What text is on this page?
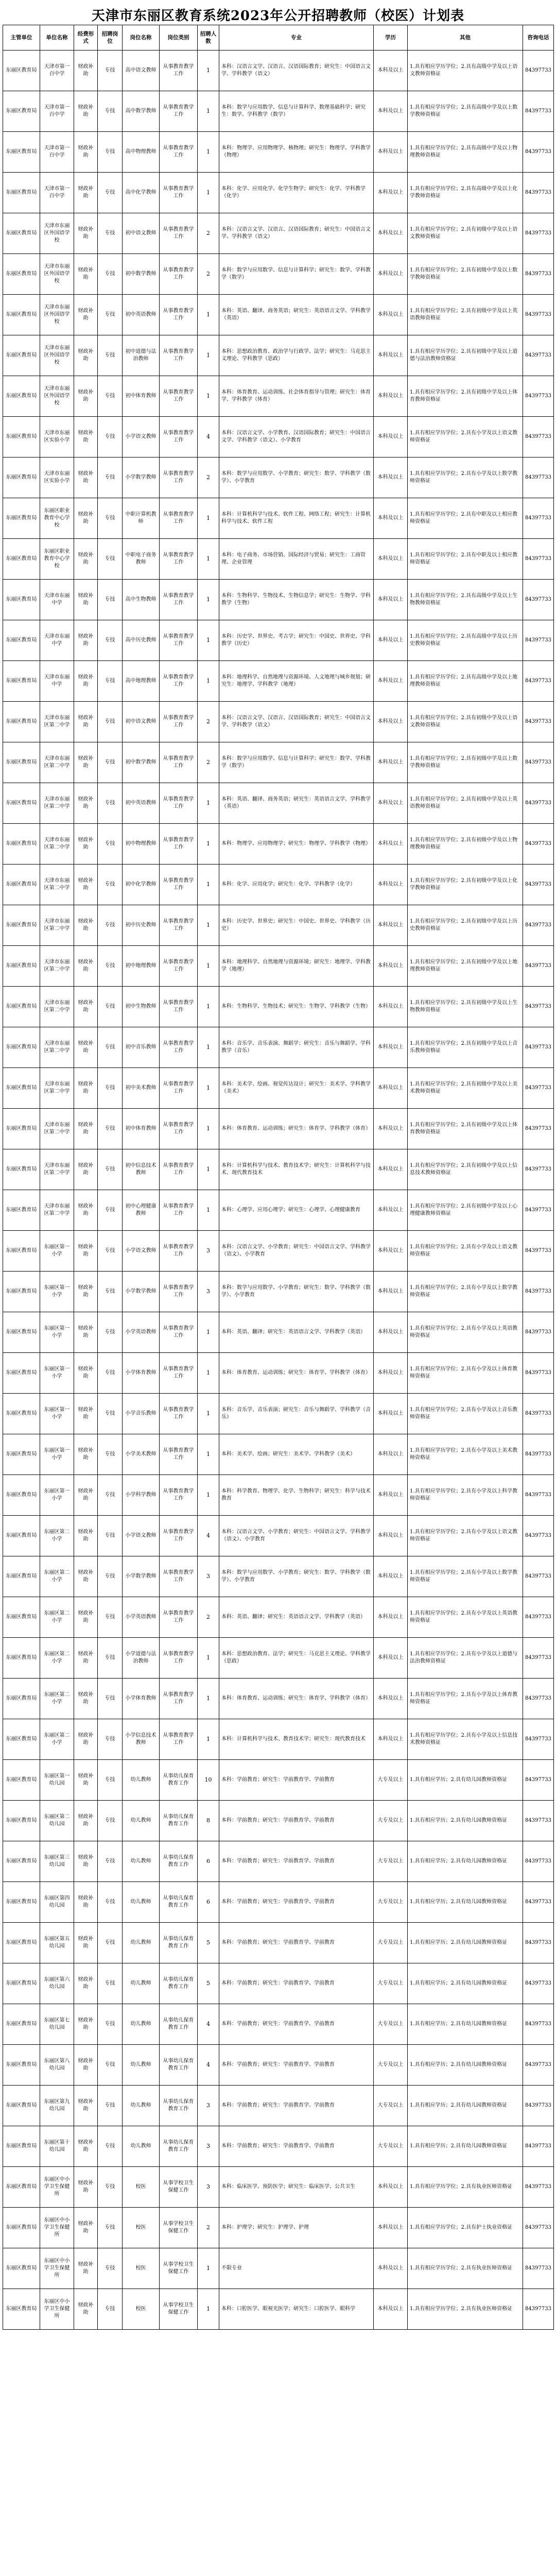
天津市东丽区教育系统2023年公开招聘教师（校医）计划表
主管单位	单位名称	经费形式	招聘岗位	岗位名称	岗位类别	招聘人数	专业	学历	其他	咨询电话
东丽区教育局	天津市第一百中学	财政补助	专技	高中语文教师	从事教育教学工作	1	本科：汉语言文学、汉语言、汉语国际教育；研究生：中国语言文学、学科教学（语文）	本科及以上	1.具有相应学历学位；2.具有高级中学及以上语文教师资格证	84397733
东丽区教育局	天津市第一百中学	财政补助	专技	高中数学教师	从事教育教学工作	1	本科：数学与应用数学、信息与计算科学、数理基础科学；研究生：数学、学科教学（数学）	本科及以上	1.具有相应学历学位；2.具有高级中学及以上数学教师资格证	84397733
东丽区教育局	天津市第一百中学	财政补助	专技	高中物理教师	从事教育教学工作	1	本科：物理学、应用物理学、核物理；研究生：物理学、学科教学（物理）	本科及以上	1.具有相应学历学位；2.具有高级中学及以上物理教师资格证	84397733
东丽区教育局	天津市第一百中学	财政补助	专技	高中化学教师	从事教育教学工作	1	本科：化学、应用化学、化学生物学；研究生：化学、学科教学（化学）	本科及以上	1.具有相应学历学位；2.具有高级中学及以上化学教师资格证	84397733
东丽区教育局	天津市东丽区外国语学校	财政补助	专技	初中语文教师	从事教育教学工作	2	本科：汉语言文学、汉语言、汉语国际教育；研究生：中国语言文学、学科教学（语文）	本科及以上	1.具有相应学历学位；2.具有初级中学及以上语文教师资格证	84397733
东丽区教育局	天津市东丽区外国语学校	财政补助	专技	初中数学教师	从事教育教学工作	2	本科：数学与应用数学、信息与计算科学；研究生：数学、学科教学（数学）	本科及以上	1.具有相应学历学位；2.具有初级中学及以上数学教师资格证	84397733
东丽区教育局	天津市东丽区外国语学校	财政补助	专技	初中英语教师	从事教育教学工作	1	本科：英语、翻译、商务英语；研究生：英语语言文学、学科教学（英语）	本科及以上	1.具有相应学历学位；2.具有初级中学及以上英语教师资格证	84397733
东丽区教育局	天津市东丽区外国语学校	财政补助	专技	初中道德与法治教师	从事教育教学工作	1	本科：思想政治教育、政治学与行政学、法学；研究生：马克思主义理论、学科教学（思政）	本科及以上	1.具有相应学历学位；2.具有初级中学及以上道德与法治教师资格证	84397733
东丽区教育局	天津市东丽区外国语学校	财政补助	专技	初中体育教师	从事教育教学工作	1	本科：体育教育、运动训练、社会体育指导与管理；研究生：体育学、学科教学（体育）	本科及以上	1.具有相应学历学位；2.具有初级中学及以上体育教师资格证	84397733
东丽区教育局	天津市东丽区实验小学	财政补助	专技	小学语文教师	从事教育教学工作	4	本科：汉语言文学、小学教育、汉语国际教育；研究生：中国语言文学、学科教学（语文）、小学教育	本科及以上	1.具有相应学历学位；2.具有小学及以上语文教师资格证	84397733
东丽区教育局	天津市东丽区实验小学	财政补助	专技	小学数学教师	从事教育教学工作	2	本科：数学与应用数学、小学教育；研究生：数学、学科教学（数学）、小学教育	本科及以上	1.具有相应学历学位；2.具有小学及以上数学教师资格证	84397733
东丽区教育局	东丽区职业教育中心学校	财政补助	专技	中职计算机教师	从事教育教学工作	1	本科：计算机科学与技术、软件工程、网络工程；研究生：计算机科学与技术、软件工程	本科及以上	1.具有相应学历学位；2.具有中职及以上相应教师资格证	84397733
东丽区教育局	东丽区职业教育中心学校	财政补助	专技	中职电子商务教师	从事教育教学工作	1	本科：电子商务、市场营销、国际经济与贸易；研究生：工商管理、企业管理	本科及以上	1.具有相应学历学位；2.具有中职及以上相应教师资格证	84397733
东丽区教育局	天津市东丽中学	财政补助	专技	高中生物教师	从事教育教学工作	1	本科：生物科学、生物技术、生物信息学；研究生：生物学、学科教学（生物）	本科及以上	1.具有相应学历学位；2.具有高级中学及以上生物教师资格证	84397733
东丽区教育局	天津市东丽中学	财政补助	专技	高中历史教师	从事教育教学工作	1	本科：历史学、世界史、考古学；研究生：中国史、世界史、学科教学（历史）	本科及以上	1.具有相应学历学位；2.具有高级中学及以上历史教师资格证	84397733
东丽区教育局	天津市东丽中学	财政补助	专技	高中地理教师	从事教育教学工作	1	本科：地理科学、自然地理与资源环境、人文地理与城乡规划；研究生：地理学、学科教学（地理）	本科及以上	1.具有相应学历学位；2.具有高级中学及以上地理教师资格证	84397733
东丽区教育局	天津市东丽区第二中学	财政补助	专技	初中语文教师	从事教育教学工作	2	本科：汉语言文学、汉语言、汉语国际教育；研究生：中国语言文学、学科教学（语文）	本科及以上	1.具有相应学历学位；2.具有初级中学及以上语文教师资格证	84397733
东丽区教育局	天津市东丽区第二中学	财政补助	专技	初中数学教师	从事教育教学工作	2	本科：数学与应用数学、信息与计算科学；研究生：数学、学科教学（数学）	本科及以上	1.具有相应学历学位；2.具有初级中学及以上数学教师资格证	84397733
东丽区教育局	天津市东丽区第二中学	财政补助	专技	初中英语教师	从事教育教学工作	1	本科：英语、翻译、商务英语；研究生：英语语言文学、学科教学（英语）	本科及以上	1.具有相应学历学位；2.具有初级中学及以上英语教师资格证	84397733
东丽区教育局	天津市东丽区第二中学	财政补助	专技	初中物理教师	从事教育教学工作	1	本科：物理学、应用物理学；研究生：物理学、学科教学（物理）	本科及以上	1.具有相应学历学位；2.具有初级中学及以上物理教师资格证	84397733
东丽区教育局	天津市东丽区第二中学	财政补助	专技	初中化学教师	从事教育教学工作	1	本科：化学、应用化学；研究生：化学、学科教学（化学）	本科及以上	1.具有相应学历学位；2.具有初级中学及以上化学教师资格证	84397733
东丽区教育局	天津市东丽区第二中学	财政补助	专技	初中历史教师	从事教育教学工作	1	本科：历史学、世界史；研究生：中国史、世界史、学科教学（历史）	本科及以上	1.具有相应学历学位；2.具有初级中学及以上历史教师资格证	84397733
东丽区教育局	天津市东丽区第二中学	财政补助	专技	初中地理教师	从事教育教学工作	1	本科：地理科学、自然地理与资源环境；研究生：地理学、学科教学（地理）	本科及以上	1.具有相应学历学位；2.具有初级中学及以上地理教师资格证	84397733
东丽区教育局	天津市东丽区第二中学	财政补助	专技	初中生物教师	从事教育教学工作	1	本科：生物科学、生物技术；研究生：生物学、学科教学（生物）	本科及以上	1.具有相应学历学位；2.具有初级中学及以上生物教师资格证	84397733
东丽区教育局	天津市东丽区第二中学	财政补助	专技	初中音乐教师	从事教育教学工作	1	本科：音乐学、音乐表演、舞蹈学；研究生：音乐与舞蹈学、学科教学（音乐）	本科及以上	1.具有相应学历学位；2.具有初级中学及以上音乐教师资格证	84397733
东丽区教育局	天津市东丽区第二中学	财政补助	专技	初中美术教师	从事教育教学工作	1	本科：美术学、绘画、视觉传达设计；研究生：美术学、学科教学（美术）	本科及以上	1.具有相应学历学位；2.具有初级中学及以上美术教师资格证	84397733
东丽区教育局	天津市东丽区第二中学	财政补助	专技	初中体育教师	从事教育教学工作	1	本科：体育教育、运动训练；研究生：体育学、学科教学（体育）	本科及以上	1.具有相应学历学位；2.具有初级中学及以上体育教师资格证	84397733
东丽区教育局	天津市东丽区第二中学	财政补助	专技	初中信息技术教师	从事教育教学工作	1	本科：计算机科学与技术、教育技术学；研究生：计算机科学与技术、现代教育技术	本科及以上	1.具有相应学历学位；2.具有初级中学及以上信息技术教师资格证	84397733
东丽区教育局	天津市东丽区第二中学	财政补助	专技	初中心理健康教师	从事教育教学工作	1	本科：心理学、应用心理学；研究生：心理学、心理健康教育	本科及以上	1.具有相应学历学位；2.具有初级中学及以上心理健康教师资格证	84397733
东丽区教育局	东丽区第一小学	财政补助	专技	小学语文教师	从事教育教学工作	3	本科：汉语言文学、小学教育；研究生：中国语言文学、学科教学（语文）、小学教育	本科及以上	1.具有相应学历学位；2.具有小学及以上语文教师资格证	84397733
东丽区教育局	东丽区第一小学	财政补助	专技	小学数学教师	从事教育教学工作	3	本科：数学与应用数学、小学教育；研究生：数学、学科教学（数学）、小学教育	本科及以上	1.具有相应学历学位；2.具有小学及以上数学教师资格证	84397733
东丽区教育局	东丽区第一小学	财政补助	专技	小学英语教师	从事教育教学工作	1	本科：英语、翻译；研究生：英语语言文学、学科教学（英语）	本科及以上	1.具有相应学历学位；2.具有小学及以上英语教师资格证	84397733
东丽区教育局	东丽区第一小学	财政补助	专技	小学体育教师	从事教育教学工作	1	本科：体育教育、运动训练；研究生：体育学、学科教学（体育）	本科及以上	1.具有相应学历学位；2.具有小学及以上体育教师资格证	84397733
东丽区教育局	东丽区第一小学	财政补助	专技	小学音乐教师	从事教育教学工作	1	本科：音乐学、音乐表演；研究生：音乐与舞蹈学、学科教学（音乐）	本科及以上	1.具有相应学历学位；2.具有小学及以上音乐教师资格证	84397733
东丽区教育局	东丽区第一小学	财政补助	专技	小学美术教师	从事教育教学工作	1	本科：美术学、绘画；研究生：美术学、学科教学（美术）	本科及以上	1.具有相应学历学位；2.具有小学及以上美术教师资格证	84397733
东丽区教育局	东丽区第一小学	财政补助	专技	小学科学教师	从事教育教学工作	1	本科：科学教育、物理学、化学、生物科学；研究生：科学与技术教育	本科及以上	1.具有相应学历学位；2.具有小学及以上科学教师资格证	84397733
东丽区教育局	东丽区第二小学	财政补助	专技	小学语文教师	从事教育教学工作	4	本科：汉语言文学、小学教育；研究生：中国语言文学、学科教学（语文）、小学教育	本科及以上	1.具有相应学历学位；2.具有小学及以上语文教师资格证	84397733
东丽区教育局	东丽区第二小学	财政补助	专技	小学数学教师	从事教育教学工作	3	本科：数学与应用数学、小学教育；研究生：数学、学科教学（数学）、小学教育	本科及以上	1.具有相应学历学位；2.具有小学及以上数学教师资格证	84397733
东丽区教育局	东丽区第二小学	财政补助	专技	小学英语教师	从事教育教学工作	2	本科：英语、翻译；研究生：英语语言文学、学科教学（英语）	本科及以上	1.具有相应学历学位；2.具有小学及以上英语教师资格证	84397733
东丽区教育局	东丽区第二小学	财政补助	专技	小学道德与法治教师	从事教育教学工作	1	本科：思想政治教育、法学；研究生：马克思主义理论、学科教学（思政）	本科及以上	1.具有相应学历学位；2.具有小学及以上道德与法治教师资格证	84397733
东丽区教育局	东丽区第二小学	财政补助	专技	小学体育教师	从事教育教学工作	1	本科：体育教育、运动训练；研究生：体育学、学科教学（体育）	本科及以上	1.具有相应学历学位；2.具有小学及以上体育教师资格证	84397733
东丽区教育局	东丽区第二小学	财政补助	专技	小学信息技术教师	从事教育教学工作	1	本科：计算机科学与技术、教育技术学；研究生：现代教育技术	本科及以上	1.具有相应学历学位；2.具有小学及以上信息技术教师资格证	84397733
东丽区教育局	东丽区第一幼儿园	财政补助	专技	幼儿教师	从事幼儿保育教育工作	10	本科：学前教育；研究生：学前教育学、学前教育	大专及以上	1.具有相应学历；2.具有幼儿园教师资格证	84397733
东丽区教育局	东丽区第二幼儿园	财政补助	专技	幼儿教师	从事幼儿保育教育工作	8	本科：学前教育；研究生：学前教育学、学前教育	大专及以上	1.具有相应学历；2.具有幼儿园教师资格证	84397733
东丽区教育局	东丽区第三幼儿园	财政补助	专技	幼儿教师	从事幼儿保育教育工作	6	本科：学前教育；研究生：学前教育学、学前教育	大专及以上	1.具有相应学历；2.具有幼儿园教师资格证	84397733
东丽区教育局	东丽区第四幼儿园	财政补助	专技	幼儿教师	从事幼儿保育教育工作	6	本科：学前教育；研究生：学前教育学、学前教育	大专及以上	1.具有相应学历；2.具有幼儿园教师资格证	84397733
东丽区教育局	东丽区第五幼儿园	财政补助	专技	幼儿教师	从事幼儿保育教育工作	5	本科：学前教育；研究生：学前教育学、学前教育	大专及以上	1.具有相应学历；2.具有幼儿园教师资格证	84397733
东丽区教育局	东丽区第六幼儿园	财政补助	专技	幼儿教师	从事幼儿保育教育工作	5	本科：学前教育；研究生：学前教育学、学前教育	大专及以上	1.具有相应学历；2.具有幼儿园教师资格证	84397733
东丽区教育局	东丽区第七幼儿园	财政补助	专技	幼儿教师	从事幼儿保育教育工作	4	本科：学前教育；研究生：学前教育学、学前教育	大专及以上	1.具有相应学历；2.具有幼儿园教师资格证	84397733
东丽区教育局	东丽区第八幼儿园	财政补助	专技	幼儿教师	从事幼儿保育教育工作	4	本科：学前教育；研究生：学前教育学、学前教育	大专及以上	1.具有相应学历；2.具有幼儿园教师资格证	84397733
东丽区教育局	东丽区第九幼儿园	财政补助	专技	幼儿教师	从事幼儿保育教育工作	3	本科：学前教育；研究生：学前教育学、学前教育	大专及以上	1.具有相应学历；2.具有幼儿园教师资格证	84397733
东丽区教育局	东丽区第十幼儿园	财政补助	专技	幼儿教师	从事幼儿保育教育工作	3	本科：学前教育；研究生：学前教育学、学前教育	大专及以上	1.具有相应学历；2.具有幼儿园教师资格证	84397733
东丽区教育局	东丽区中小学卫生保健所	财政补助	专技	校医	从事学校卫生保健工作	3	本科：临床医学、预防医学；研究生：临床医学、公共卫生	本科及以上	1.具有相应学历学位；2.具有执业医师资格证	84397733
东丽区教育局	东丽区中小学卫生保健所	财政补助	专技	校医	从事学校卫生保健工作	2	本科：护理学；研究生：护理学、护理	本科及以上	1.具有相应学历学位；2.具有护士执业资格证	84397733
东丽区教育局	东丽区中小学卫生保健所	财政补助	专技	校医	从事学校卫生保健工作	1	不限专业	本科及以上	1.具有相应学历学位；2.具有执业医师资格证	84397733
东丽区教育局	东丽区中小学卫生保健所	财政补助	专技	校医	从事学校卫生保健工作	1	本科：口腔医学、眼视光医学；研究生：口腔医学、眼科学	本科及以上	1.具有相应学历学位；2.具有执业医师资格证	84397733
